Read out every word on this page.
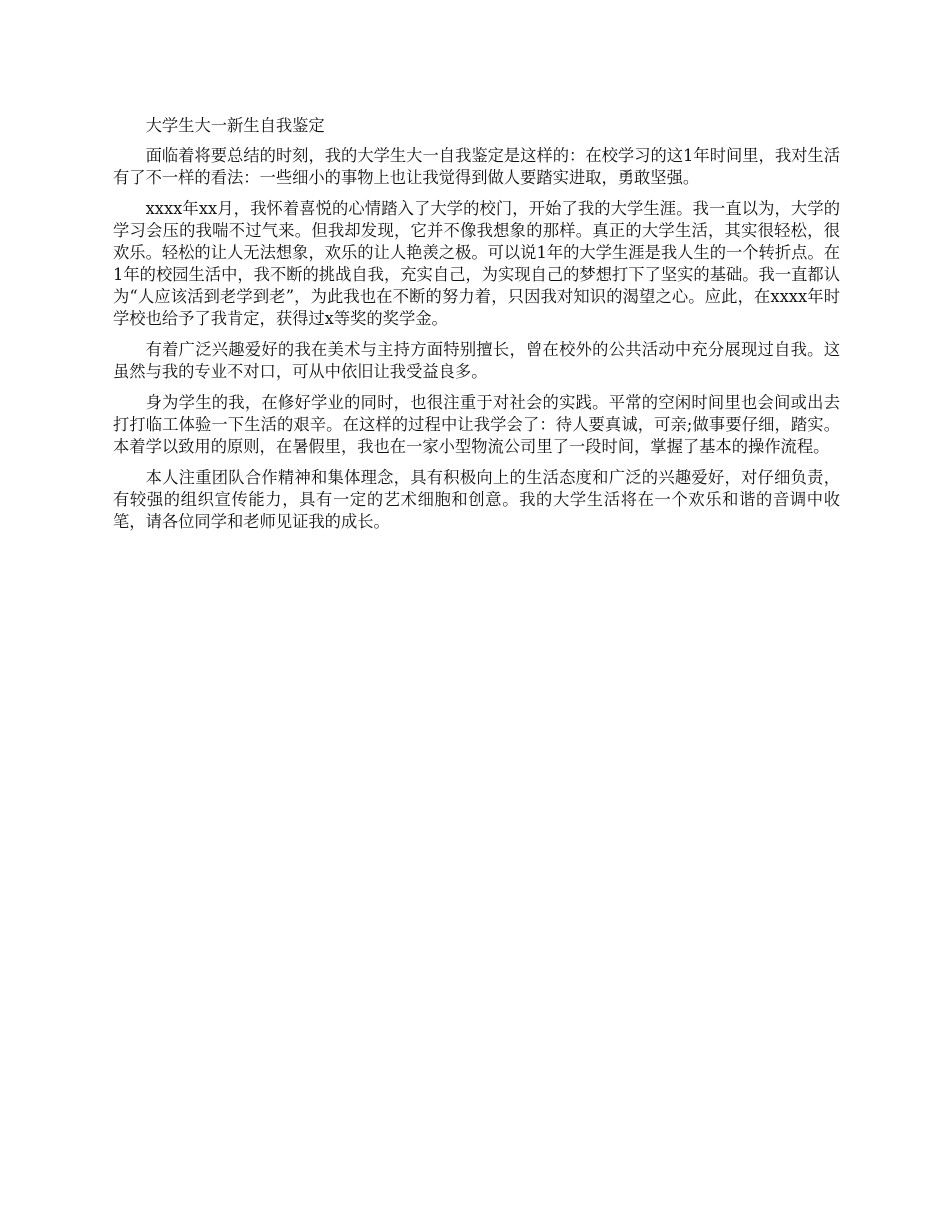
大学生大一新生自我鉴定

面临着将要总结的时刻，我的大学生大一自我鉴定是这样的：在校学习的这1年时间里，我对生活有了不一样的看法：一些细小的事物上也让我觉得到做人要踏实进取，勇敢坚强。

xxxx年xx月，我怀着喜悦的心情踏入了大学的校门，开始了我的大学生涯。我一直以为，大学的学习会压的我喘不过气来。但我却发现，它并不像我想象的那样。真正的大学生活，其实很轻松，很欢乐。轻松的让人无法想象，欢乐的让人艳羡之极。可以说1年的大学生涯是我人生的一个转折点。在1年的校园生活中，我不断的挑战自我，充实自己，为实现自己的梦想打下了坚实的基础。我一直都认为“人应该活到老学到老”，为此我也在不断的努力着，只因我对知识的渴望之心。应此，在xxxx年时学校也给予了我肯定，获得过x等奖的奖学金。

有着广泛兴趣爱好的我在美术与主持方面特别擅长，曾在校外的公共活动中充分展现过自我。这虽然与我的专业不对口，可从中依旧让我受益良多。

身为学生的我，在修好学业的同时，也很注重于对社会的实践。平常的空闲时间里也会间或出去打打临工体验一下生活的艰辛。在这样的过程中让我学会了：待人要真诚，可亲;做事要仔细，踏实。本着学以致用的原则，在暑假里，我也在一家小型物流公司里了一段时间，掌握了基本的操作流程。

本人注重团队合作精神和集体理念，具有积极向上的生活态度和广泛的兴趣爱好，对仔细负责，有较强的组织宣传能力，具有一定的艺术细胞和创意。我的大学生活将在一个欢乐和谐的音调中收笔，请各位同学和老师见证我的成长。
